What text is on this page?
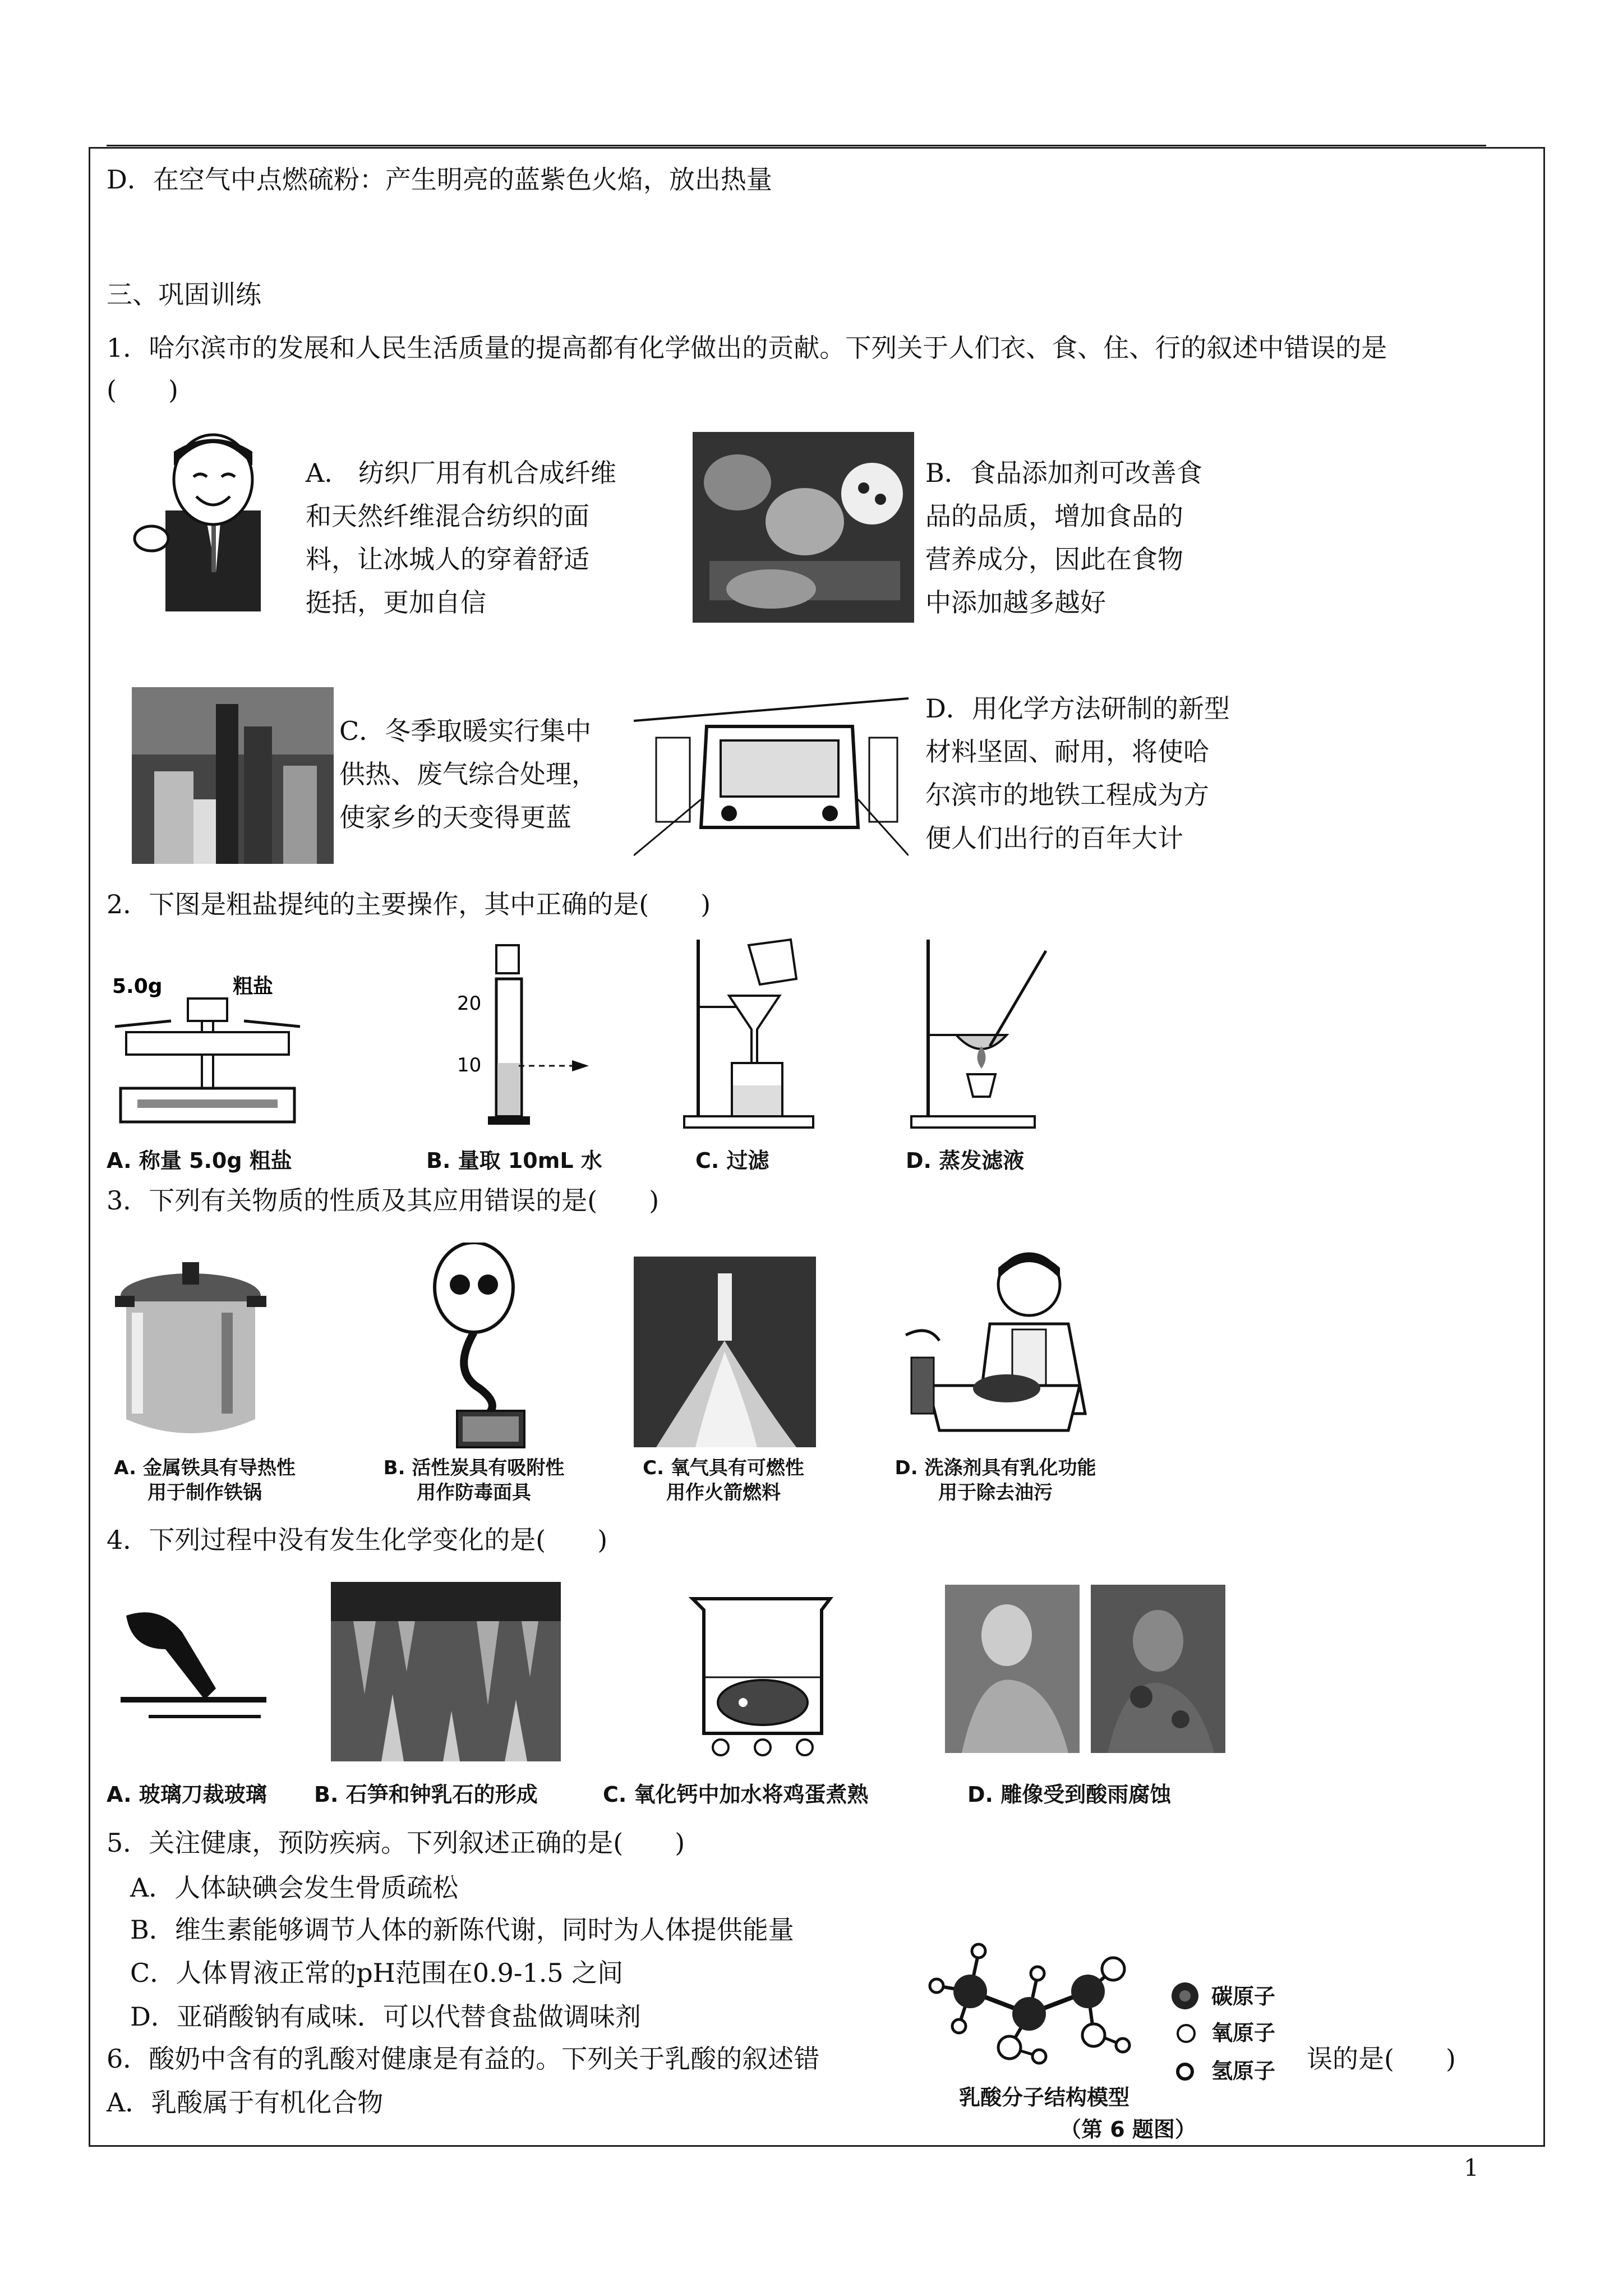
D．在空气中点燃硫粉：产生明亮的蓝紫色火焰，放出热量
三、巩固训练
1．哈尔滨市的发展和人民生活质量的提高都有化学做出的贡献。下列关于人们衣、食、住、行的叙述中错误的是
(　　)
A.　纺织厂用有机合成纤维
和天然纤维混合纺织的面
料，让冰城人的穿着舒适
挺括，更加自信
B．食品添加剂可改善食
品的品质，增加食品的
营养成分，因此在食物
中添加越多越好
C．冬季取暖实行集中
供热、废气综合处理，
使家乡的天变得更蓝
D．用化学方法研制的新型
材料坚固、耐用，将使哈
尔滨市的地铁工程成为方
便人们出行的百年大计
2．下图是粗盐提纯的主要操作，其中正确的是(　　)
5.0g	粗盐
A. 称量 5.0g 粗盐
20
10
B. 量取 10mL 水	C. 过滤	D. 蒸发滤液
3．下列有关物质的性质及其应用错误的是(　　)
A. 金属铁具有导热性
用于制作铁锅
B. 活性炭具有吸附性
用作防毒面具
C. 氧气具有可燃性
用作火箭燃料
D. 洗涤剂具有乳化功能
用于除去油污
4．下列过程中没有发生化学变化的是(　　)
A. 玻璃刀裁玻璃 B. 石笋和钟乳石的形成	C. 氧化钙中加水将鸡蛋煮熟	D. 雕像受到酸雨腐蚀
5．关注健康，预防疾病。下列叙述正确的是(　　)
A．人体缺碘会发生骨质疏松
B．维生素能够调节人体的新陈代谢，同时为人体提供能量
C．人体胃液正常的pH范围在0.9-1.5 之间
D．亚硝酸钠有咸味．可以代替食盐做调味剂
6．酸奶中含有的乳酸对健康是有益的。下列关于乳酸的叙述错	误的是(　　)
A．乳酸属于有机化合物
碳原子
氧原子
氢原子
乳酸分子结构模型
（第 6 题图）
1
